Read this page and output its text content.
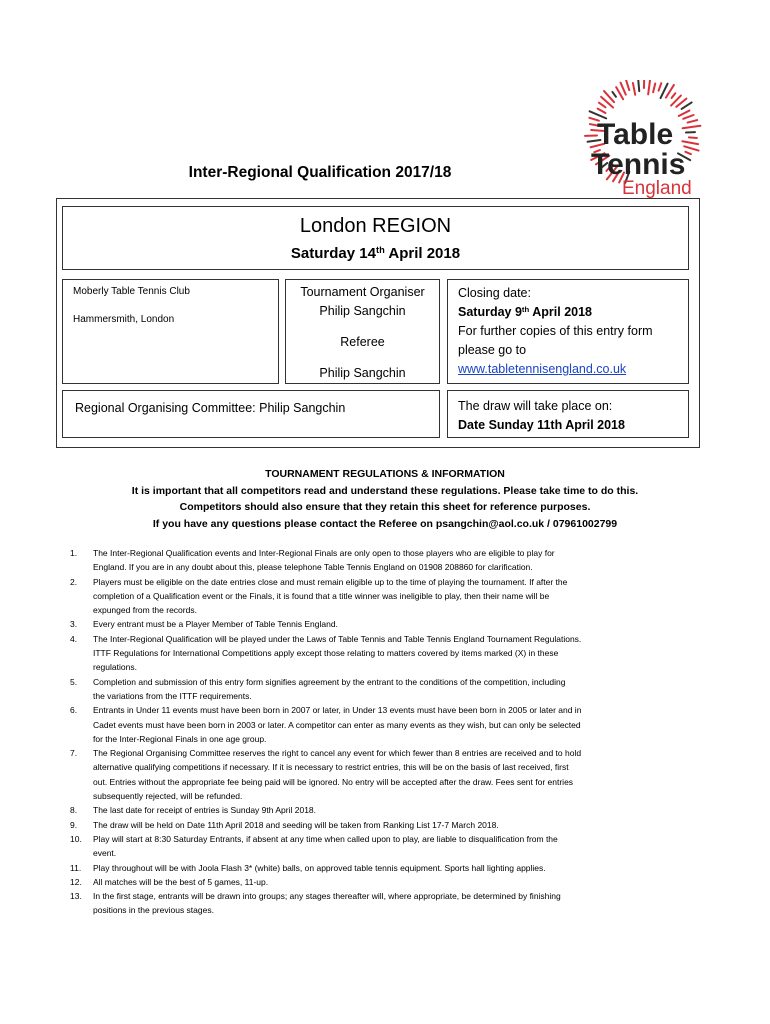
Table
Tennis
England
Inter-Regional Qualification 2017/18
London REGION
Saturday 14th April 2018
Moberly Table Tennis Club
Hammersmith, London
Tournament Organiser
Philip Sangchin
Referee
Philip Sangchin
Closing date:
Saturday 9th April 2018
For further copies of this entry form
please go to
www.tabletennisengland.co.uk
Regional Organising Committee: Philip Sangchin	The draw will take place on:
Date Sunday 11th April 2018
TOURNAMENT REGULATIONS & INFORMATION
It is important that all competitors read and understand these regulations. Please take time to do this.
Competitors should also ensure that they retain this sheet for reference purposes.
If you have any questions please contact the Referee on psangchin@aol.co.uk / 07961002799
1. The Inter-Regional Qualification events and Inter-Regional Finals are only open to those players who are eligible to play for
England. If you are in any doubt about this, please telephone Table Tennis England on 01908 208860 for clarification.
2. Players must be eligible on the date entries close and must remain eligible up to the time of playing the tournament. If after the
completion of a Qualification event or the Finals, it is found that a title winner was ineligible to play, then their name will be
expunged from the records.
3. Every entrant must be a Player Member of Table Tennis England.
4. The Inter-Regional Qualification will be played under the Laws of Table Tennis and Table Tennis England Tournament Regulations.
ITTF Regulations for International Competitions apply except those relating to matters covered by items marked (X) in these
regulations.
5. Completion and submission of this entry form signifies agreement by the entrant to the conditions of the competition, including
the variations from the ITTF requirements.
6. Entrants in Under 11 events must have been born in 2007 or later, in Under 13 events must have been born in 2005 or later and in
Cadet events must have been born in 2003 or later. A competitor can enter as many events as they wish, but can only be selected
for the Inter-Regional Finals in one age group.
7. The Regional Organising Committee reserves the right to cancel any event for which fewer than 8 entries are received and to hold
alternative qualifying competitions if necessary. If it is necessary to restrict entries, this will be on the basis of last received, first
out. Entries without the appropriate fee being paid will be ignored. No entry will be accepted after the draw. Fees sent for entries
subsequently rejected, will be refunded.
8. The last date for receipt of entries is Sunday 9th April 2018.
9. The draw will be held on Date 11th April 2018 and seeding will be taken from Ranking List 17-7 March 2018.
10. Play will start at 8:30 Saturday Entrants, if absent at any time when called upon to play, are liable to disqualification from the
event.
11. Play throughout will be with Joola Flash 3* (white) balls, on approved table tennis equipment. Sports hall lighting applies.
12. All matches will be the best of 5 games, 11-up.
13. In the first stage, entrants will be drawn into groups; any stages thereafter will, where appropriate, be determined by finishing
positions in the previous stages.
